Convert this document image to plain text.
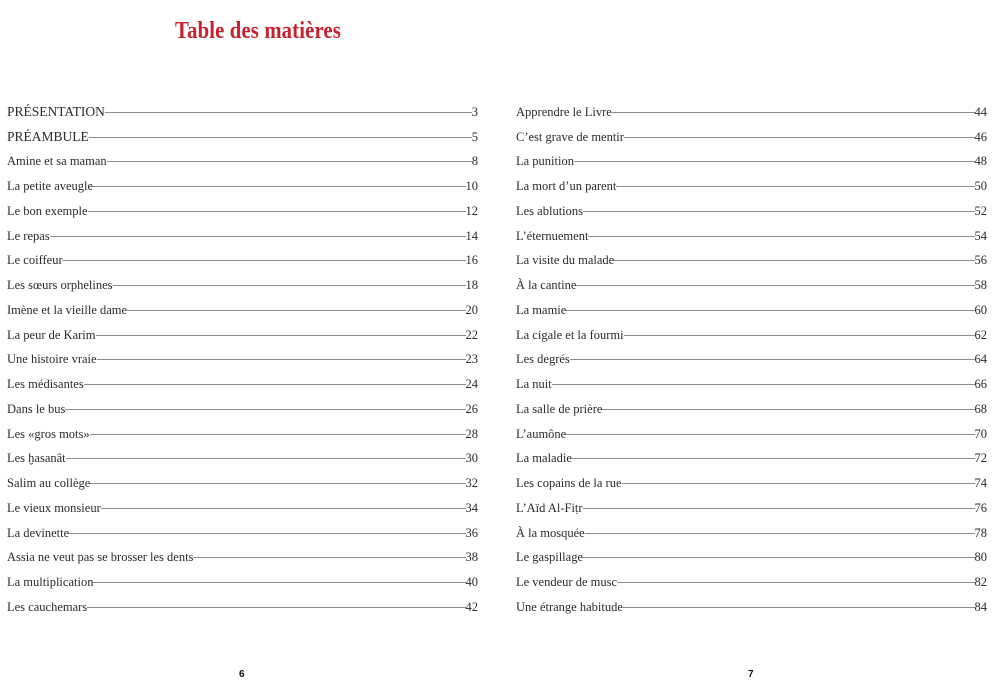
Table des matières
PRÉSENTATION	3
PRÉAMBULE	5
Amine et sa maman	8
La petite aveugle	10
Le bon exemple	12
Le repas	14
Le coiffeur	16
Les sœurs orphelines	18
Imène et la vieille dame	20
La peur de Karim	22
Une histoire vraie	23
Les médisantes	24
Dans le bus	26
Les «gros mots»	28
Les ḫasanât	30
Salim au collège	32
Le vieux monsieur	34
La devinette	36
Assia ne veut pas se brosser les dents	38
La multiplication	40
Les cauchemars	42
Apprendre le Livre	44
C’est grave de mentir	46
La punition	48
La mort d’un parent	50
Les ablutions	52
L’éternuement	54
La visite du malade	56
À la cantine	58
La mamie	60
La cigale et la fourmi	62
Les degrés	64
La nuit	66
La salle de prière	68
L’aumône	70
La maladie	72
Les copains de la rue	74
L’Aïd Al-Fiṭr	76
À la mosquée	78
Le gaspillage	80
Le vendeur de musc	82
Une étrange habitude	84
6	7
